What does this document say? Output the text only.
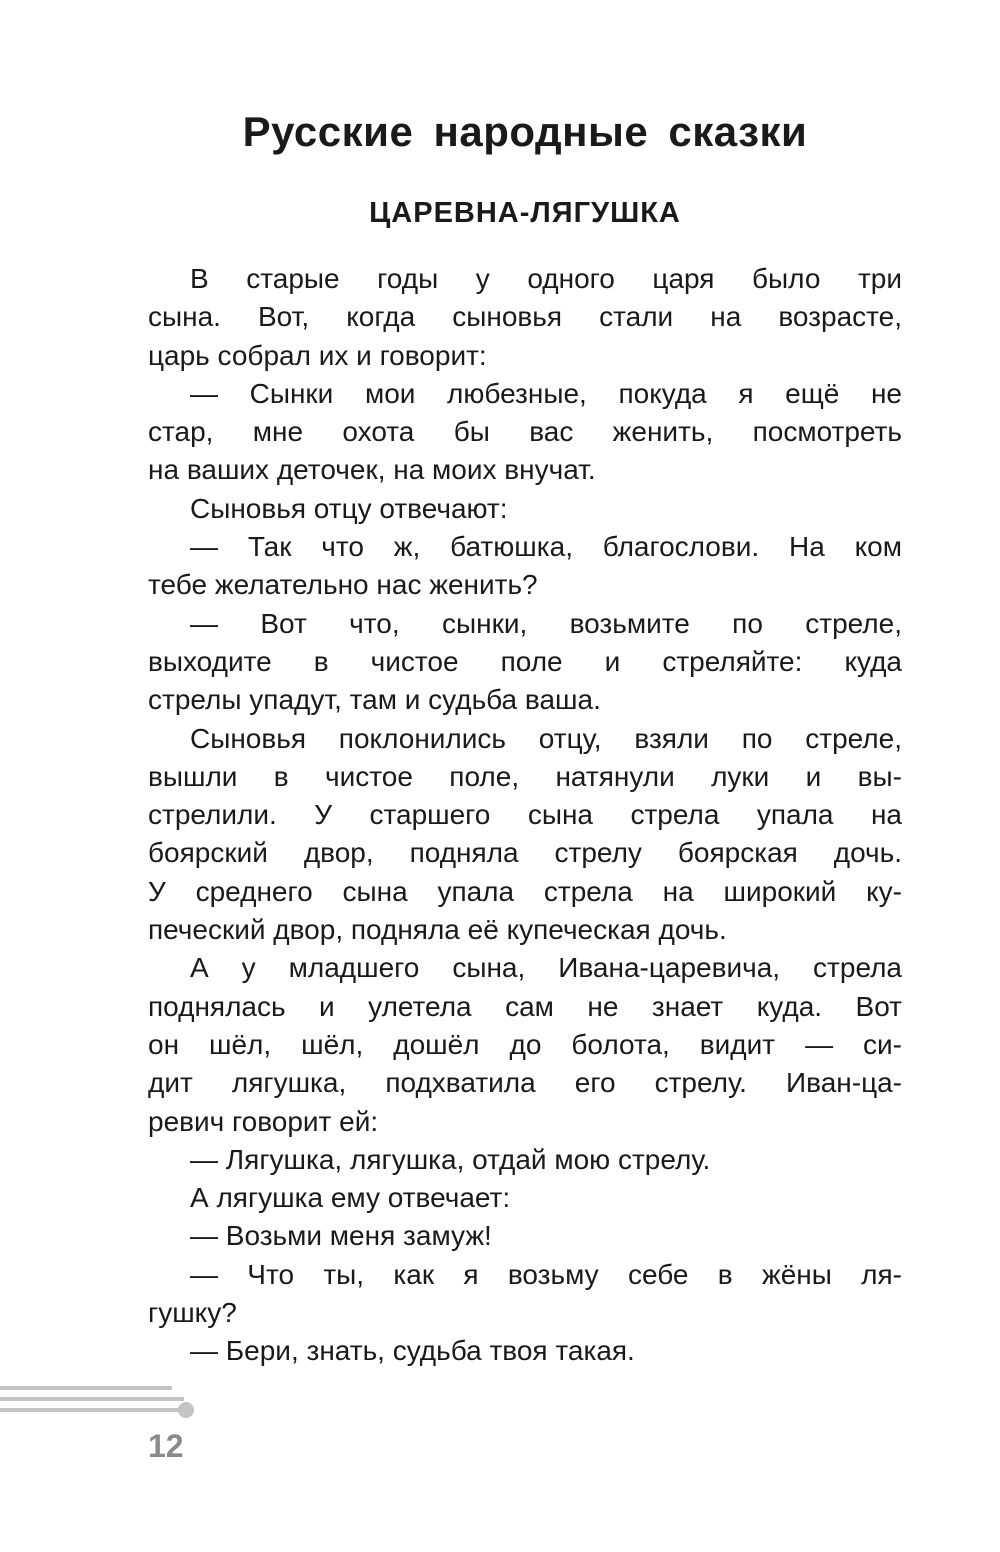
Русские народные сказки
ЦАРЕВНА-ЛЯГУШКА
В старые годы у одного царя было три
сына. Вот, когда сыновья стали на возрасте,
царь собрал их и говорит:
— Сынки мои любезные, покуда я ещё не
стар, мне охота бы вас женить, посмотреть
на ваших деточек, на моих внучат.
Сыновья отцу отвечают:
— Так что ж, батюшка, благослови. На ком
тебе желательно нас женить?
— Вот что, сынки, возьмите по стреле,
выходите в чистое поле и стреляйте: куда
стрелы упадут, там и судьба ваша.
Сыновья поклонились отцу, взяли по стреле,
вышли в чистое поле, натянули луки и вы-
стрелили. У старшего сына стрела упала на
боярский двор, подняла стрелу боярская дочь.
У среднего сына упала стрела на широкий ку-
печеский двор, подняла её купеческая дочь.
А у младшего сына, Ивана-царевича, стрела
поднялась и улетела сам не знает куда. Вот
он шёл, шёл, дошёл до болота, видит — си-
дит лягушка, подхватила его стрелу. Иван-ца-
ревич говорит ей:
— Лягушка, лягушка, отдай мою стрелу.
А лягушка ему отвечает:
— Возьми меня замуж!
— Что ты, как я возьму себе в жёны ля-
гушку?
— Бери, знать, судьба твоя такая.

12
